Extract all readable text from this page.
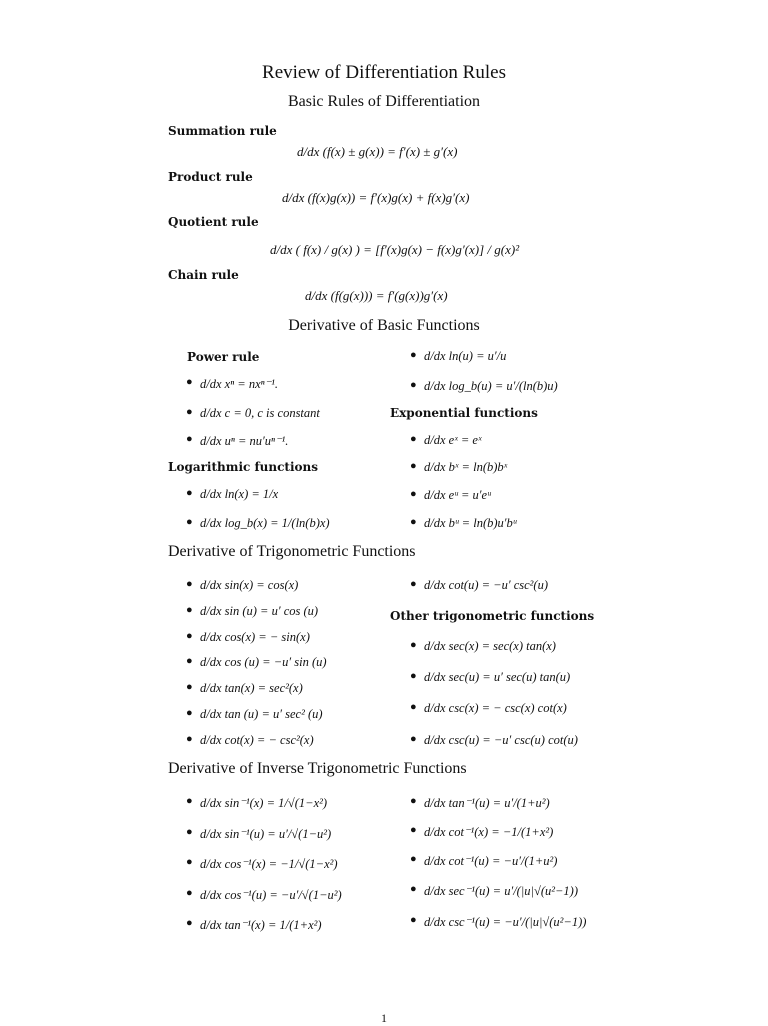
Review of Differentiation Rules
Basic Rules of Differentiation
Summation rule
d/dx (f(x) ± g(x)) = f′(x) ± g′(x)
Product rule
d/dx (f(x)g(x)) = f′(x)g(x) + f(x)g′(x)
Quotient rule
d/dx ( f(x) / g(x) ) = [f′(x)g(x) − f(x)g′(x)] / g(x)²
Chain rule
d/dx (f(g(x))) = f′(g(x))g′(x)
Derivative of Basic Functions
Power rule
● d/dx xⁿ = nxⁿ⁻¹.
● d/dx c = 0, c is constant
● d/dx uⁿ = nu′uⁿ⁻¹.
Logarithmic functions
● d/dx ln(x) = 1/x
● d/dx log_b(x) = 1/(ln(b)x)
● d/dx ln(u) = u′/u
● d/dx log_b(u) = u′/(ln(b)u)
Exponential functions
● d/dx eˣ = eˣ
● d/dx bˣ = ln(b)bˣ
● d/dx eᵘ = u′eᵘ
● d/dx bᵘ = ln(b)u′bᵘ
Derivative of Trigonometric Functions
● d/dx sin(x) = cos(x)
● d/dx sin (u) = u′ cos (u)
● d/dx cos(x) = − sin(x)
● d/dx cos (u) = −u′ sin (u)
● d/dx tan(x) = sec²(x)
● d/dx tan (u) = u′ sec² (u)
● d/dx cot(x) = − csc²(x)
● d/dx cot(u) = −u′ csc²(u)
Other trigonometric functions
● d/dx sec(x) = sec(x) tan(x)
● d/dx sec(u) = u′ sec(u) tan(u)
● d/dx csc(x) = − csc(x) cot(x)
● d/dx csc(u) = −u′ csc(u) cot(u)
Derivative of Inverse Trigonometric Functions
● d/dx sin⁻¹(x) = 1/√(1−x²)
● d/dx sin⁻¹(u) = u′/√(1−u²)
● d/dx cos⁻¹(x) = −1/√(1−x²)
● d/dx cos⁻¹(u) = −u′/√(1−u²)
● d/dx tan⁻¹(x) = 1/(1+x²)
● d/dx tan⁻¹(u) = u′/(1+u²)
● d/dx cot⁻¹(x) = −1/(1+x²)
● d/dx cot⁻¹(u) = −u′/(1+u²)
● d/dx sec⁻¹(u) = u′/(|u|√(u²−1))
● d/dx csc⁻¹(u) = −u′/(|u|√(u²−1))
1
